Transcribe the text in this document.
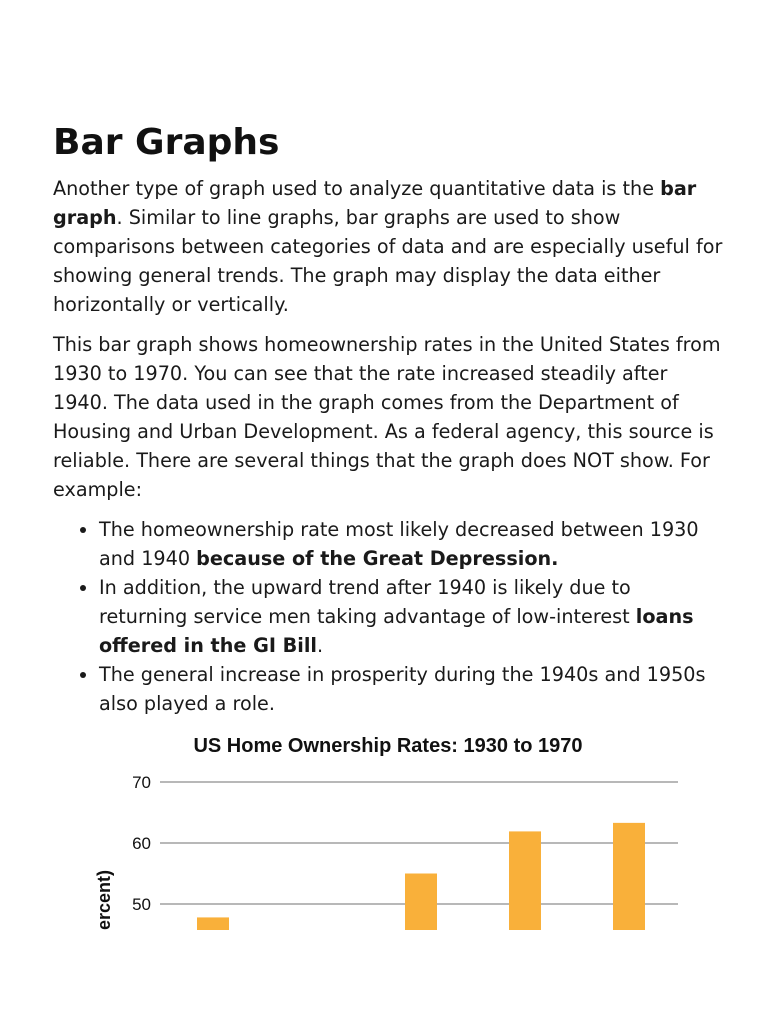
Bar Graphs

Another type of graph used to analyze quantitative data is the bar graph. Similar to line graphs, bar graphs are used to show comparisons between categories of data and are especially useful for showing general trends. The graph may display the data either horizontally or vertically.

This bar graph shows homeownership rates in the United States from 1930 to 1970. You can see that the rate increased steadily after 1940. The data used in the graph comes from the Department of Housing and Urban Development. As a federal agency, this source is reliable. There are several things that the graph does NOT show. For example:

• The homeownership rate most likely decreased between 1930 and 1940 because of the Great Depression.
• In addition, the upward trend after 1940 is likely due to returning service men taking advantage of low-interest loans offered in the GI Bill.
• The general increase in prosperity during the 1940s and 1950s also played a role.
US Home Ownership Rates: 1930 to 1970
ercent) 50
60
70
